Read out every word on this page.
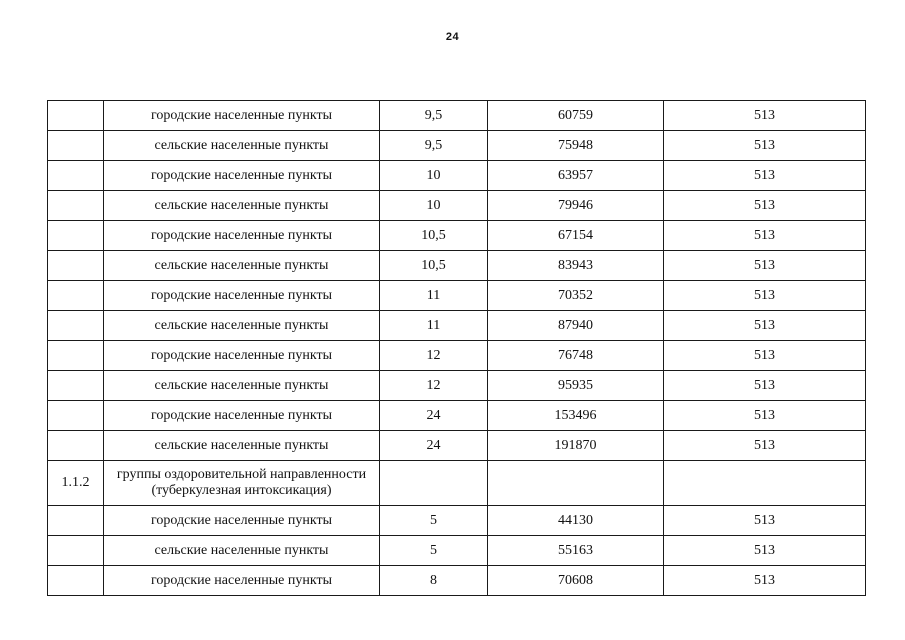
24
	городские населенные пункты	9,5	60759	513
	сельские населенные пункты	9,5	75948	513
	городские населенные пункты	10	63957	513
	сельские населенные пункты	10	79946	513
	городские населенные пункты	10,5	67154	513
	сельские населенные пункты	10,5	83943	513
	городские населенные пункты	11	70352	513
	сельские населенные пункты	11	87940	513
	городские населенные пункты	12	76748	513
	сельские населенные пункты	12	95935	513
	городские населенные пункты	24	153496	513
	сельские населенные пункты	24	191870	513
1.1.2	группы оздоровительной направленности (туберкулезная интоксикация)			
	городские населенные пункты	5	44130	513
	сельские населенные пункты	5	55163	513
	городские населенные пункты	8	70608	513
